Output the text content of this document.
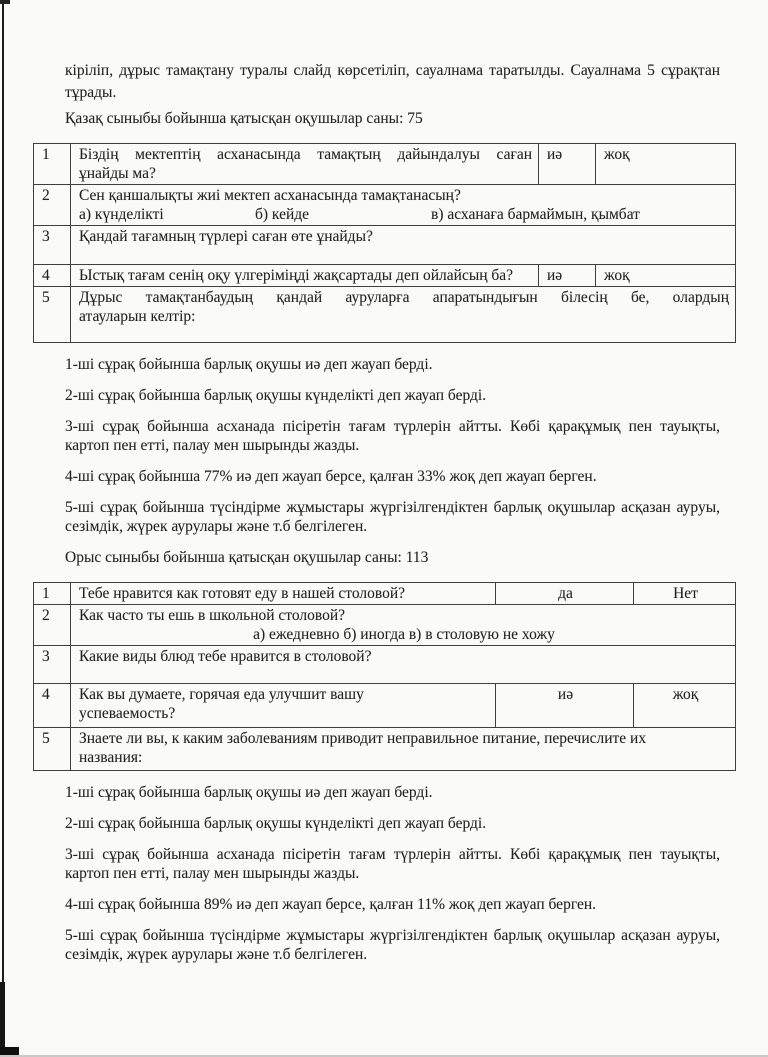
кіріліп, дұрыс тамақтану туралы слайд көрсетіліп, сауалнама таратылды. Сауалнама 5 сұрақтан тұрады.

Қазақ сыныбы бойынша қатысқан оқушылар саны: 75

1	Біздің мектептің асханасында тамақтың дайындалуы саған
ұнайды ма?	иә	жоқ
2	Сен қаншалықты жиі мектеп асханасында тамақтанасың?
а) күнделікті б) кейде в) асханаға бармаймын, қымбат		

3	Қандай тағамның түрлері саған өте ұнайды?		
4	Ыстық тағам сенің оқу үлгеріміңді жақсартады деп ойлайсың ба?	иә	жоқ
5	Дұрыс тамақтанбаудың қандай ауруларға апаратындығын білесің бе, олардың
атауларын келтір:		

1-ші сұрақ бойынша барлық оқушы иә деп жауап берді.

2-ші сұрақ бойынша барлық оқушы күнделікті деп жауап берді.

3-ші сұрақ бойынша асханада пісіретін тағам түрлерін айтты. Көбі қарақұмық пен тауықты, картоп пен етті, палау мен шырынды жазды.

4-ші сұрақ бойынша 77% иә деп жауап берсе, қалған 33% жоқ деп жауап берген.

5-ші сұрақ бойынша түсіндірме жұмыстары жүргізілгендіктен барлық оқушылар асқазан ауруы, сезімдік, жүрек аурулары және т.б белгілеген.

Орыс сыныбы бойынша қатысқан оқушылар саны: 113

1	Тебе нравится как готовят еду в нашей столовой?	да	Нет
2	Как часто ты ешь в школьной столовой?
а) ежедневно б) иногда в) в столовую не хожу		

3	Какие виды блюд тебе нравится в столовой?		
4	Как вы думаете, горячая еда улучшит вашу
успеваемость?	иә	жоқ
5	Знаете ли вы, к каким заболеваниям приводит неправильное питание, перечислите их
названия:		

1-ші сұрақ бойынша барлық оқушы иә деп жауап берді.

2-ші сұрақ бойынша барлық оқушы күнделікті деп жауап берді.

3-ші сұрақ бойынша асханада пісіретін тағам түрлерін айтты. Көбі қарақұмық пен тауықты, картоп пен етті, палау мен шырынды жазды.

4-ші сұрақ бойынша 89% иә деп жауап берсе, қалған 11% жоқ деп жауап берген.

5-ші сұрақ бойынша түсіндірме жұмыстары жүргізілгендіктен барлық оқушылар асқазан ауруы, сезімдік, жүрек аурулары және т.б белгілеген.
